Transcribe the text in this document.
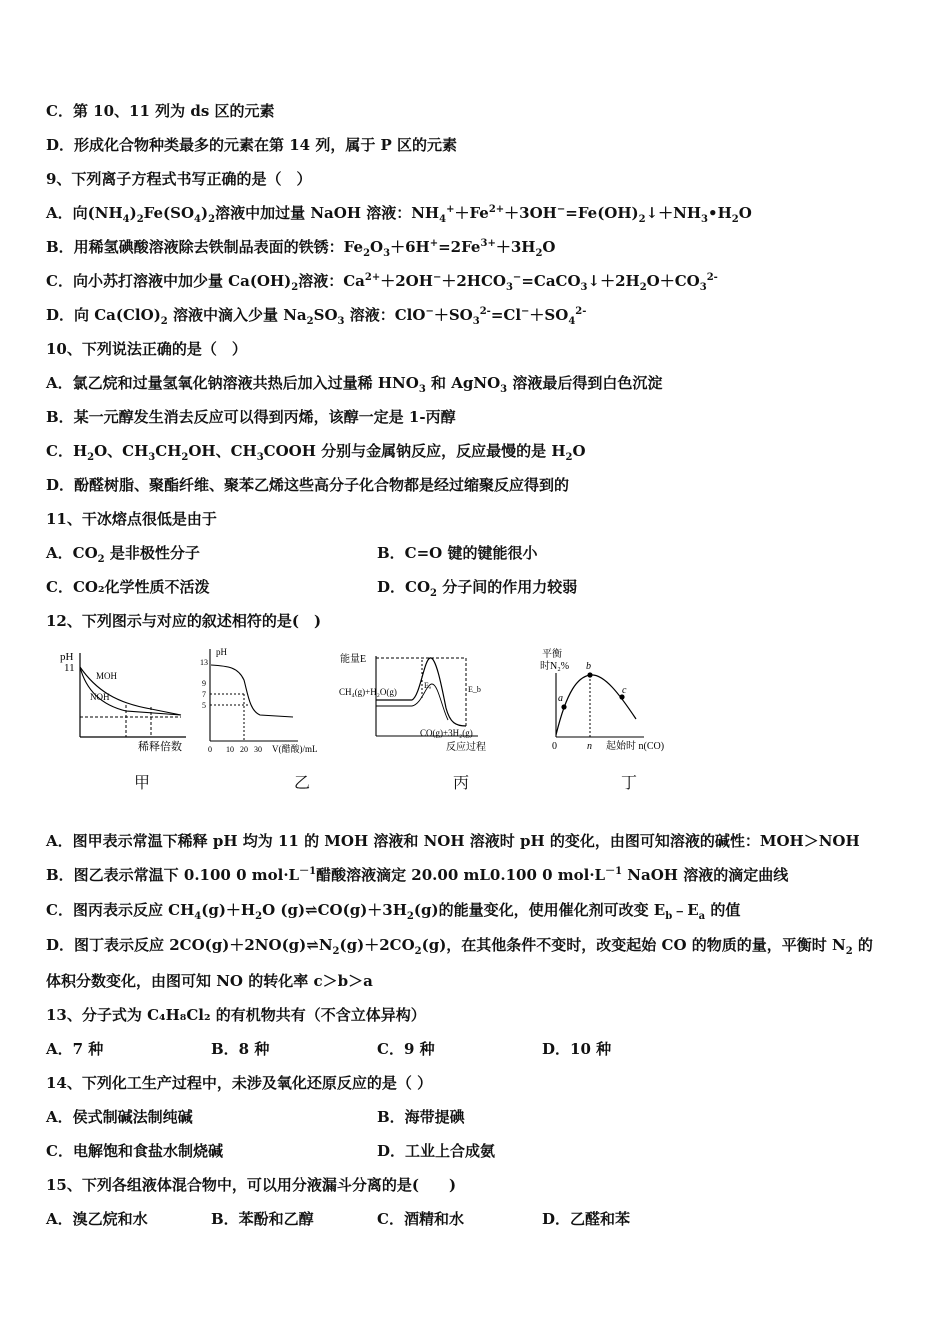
C．第 10、11 列为 ds 区的元素
D．形成化合物种类最多的元素在第 14 列，属于 P 区的元素
9、下列离子方程式书写正确的是（　）
A．向$(NH_4)_2Fe(SO_4)_2$溶液中加过量 NaOH 溶液：$NH_4^++Fe^{2+}+3OH^-=Fe(OH)_2↓+NH_3•H_2O$
B．用稀氢碘酸溶液除去铁制品表面的铁锈：$Fe_2O_3+6H^+=2Fe^{3+}+3H_2O$
C．向小苏打溶液中加少量 $Ca(OH)_2$溶液：$Ca^{2+}+2OH^-+2HCO_3^-=CaCO_3↓+2H_2O+CO_3^{2-}$
D．向 $Ca(ClO)_2$ 溶液中滴入少量 $Na_2SO_3$ 溶液：$ClO^-+SO_3^{2-}=Cl^-+SO_4^{2-}$
10、下列说法正确的是（　）
A．氯乙烷和过量氢氧化钠溶液共热后加入过量稀 $HNO_3$ 和 AgNO$_3$ 溶液最后得到白色沉淀
B．某一元醇发生消去反应可以得到丙烯，该醇一定是 1-丙醇
C．$H_2O$、$CH_3CH_2OH$、$CH_3COOH$ 分别与金属钠反应，反应最慢的是 $H_2O$
D．酚醛树脂、聚酯纤维、聚苯乙烯这些高分子化合物都是经过缩聚反应得到的
11、干冰熔点很低是由于
A．$CO_2$ 是非极性分子	B．C=O 键的键能很小
C．CO₂化学性质不活泼	D．$CO_2$ 分子间的作用力较弱
12、下列图示与对应的叙述相符的是(　)
pH
11
MOH
NOH
稀释倍数
pH
13
9
7
5
0 10 20 30 V(醋酸)/mL
能量E
CH₄(g)+H₂O(g)
Eₐ	E_b
CO(g)+3H₂(g)
反应过程
平衡
时N₂%
a
b
c
0	n 起始时 n(CO)
甲	乙	丙	丁
A．图甲表示常温下稀释 pH 均为 11 的 MOH 溶液和 NOH 溶液时 pH 的变化，由图可知溶液的碱性：MOH＞NOH
B．图乙表示常温下 0.100 0 $mol\cdot L^{-1}$醋酸溶液滴定 20.00 mL0.100 0 $mol\cdot L^{-1}$ NaOH 溶液的滴定曲线
C．图丙表示反应 $CH_4(g)+H_2O$ $(g)\rightleftharpoons CO(g)+3H_2(g)$的能量变化，使用催化剂可改变 $E_b﹣E_a$ 的值
D．图丁表示反应 $2CO(g)+2NO(g)\rightleftharpoons N_2(g)+2CO_2(g)$，在其他条件不变时，改变起始 CO 的物质的量，平衡时 $N_2$ 的
体积分数变化，由图可知 NO 的转化率 c＞b＞a
13、分子式为 C₄H₈Cl₂ 的有机物共有（不含立体异构）
A．7 种	B．8 种	C．9 种	D．10 种
14、下列化工生产过程中，未涉及氧化还原反应的是（ ）
A．侯式制碱法制纯碱	B．海带提碘
C．电解饱和食盐水制烧碱	D．工业上合成氨
15、下列各组液体混合物中，可以用分液漏斗分离的是(　　)
A．溴乙烷和水	B．苯酚和乙醇	C．酒精和水	D．乙醛和苯
